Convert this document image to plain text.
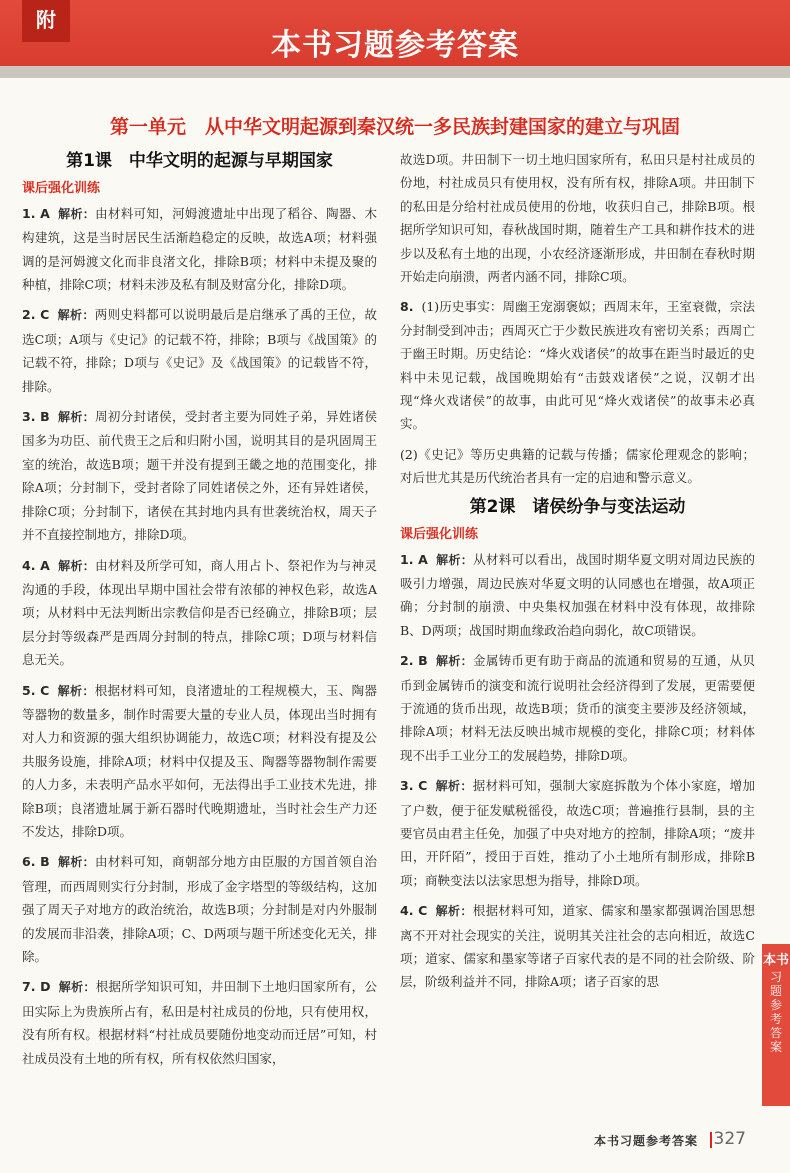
附
本书习题参考答案
第一单元　从中华文明起源到秦汉统一多民族封建国家的建立与巩固
第1课　中华文明的起源与早期国家
课后强化训练

1. A 解析：由材料可知，河姆渡遗址中出现了稻谷、陶器、木构建筑，这是当时居民生活渐趋稳定的反映，故选A项；材料强调的是河姆渡文化而非良渚文化，排除B项；材料中未提及聚的种植，排除C项；材料未涉及私有制及财富分化，排除D项。

2. C 解析：两则史料都可以说明最后是启继承了禹的王位，故选C项；A项与《史记》的记载不符，排除；B项与《战国策》的记载不符，排除；D项与《史记》及《战国策》的记载皆不符，排除。

3. B 解析：周初分封诸侯，受封者主要为同姓子弟，异姓诸侯国多为功臣、前代贵王之后和归附小国，说明其目的是巩固周王室的统治，故选B项；题干并没有提到王畿之地的范围变化，排除A项；分封制下，受封者除了同姓诸侯之外，还有异姓诸侯，排除C项；分封制下，诸侯在其封地内具有世袭统治权，周天子并不直接控制地方，排除D项。

4. A 解析：由材料及所学可知，商人用占卜、祭祀作为与神灵沟通的手段，体现出早期中国社会带有浓郁的神权色彩，故选A项；从材料中无法判断出宗教信仰是否已经确立，排除B项；层层分封等级森严是西周分封制的特点，排除C项；D项与材料信息无关。

5. C 解析：根据材料可知，良渚遗址的工程规模大，玉、陶器等器物的数量多，制作时需要大量的专业人员，体现出当时拥有对人力和资源的强大组织协调能力，故选C项；材料没有提及公共服务设施，排除A项；材料中仅提及玉、陶器等器物制作需要的人力多，未表明产品水平如何，无法得出手工业技术先进，排除B项；良渚遗址属于新石器时代晚期遗址，当时社会生产力还不发达，排除D项。

6. B 解析：由材料可知，商朝部分地方由臣服的方国首领自治管理，而西周则实行分封制，形成了金字塔型的等级结构，这加强了周天子对地方的政治统治，故选B项；分封制是对内外服制的发展而非沿袭，排除A项；C、D两项与题干所述变化无关，排除。

7. D 解析：根据所学知识可知，井田制下土地归国家所有，公田实际上为贵族所占有，私田是村社成员的份地，只有使用权，没有所有权。根据材料“村社成员要随份地变动而迁居”可知，村社成员没有土地的所有权，所有权依然归国家，

故选D项。井田制下一切土地归国家所有，私田只是村社成员的份地，村社成员只有使用权，没有所有权，排除A项。井田制下的私田是分给村社成员使用的份地，收获归自己，排除B项。根据所学知识可知，春秋战国时期，随着生产工具和耕作技术的进步以及私有土地的出现，小农经济逐渐形成，井田制在春秋时期开始走向崩溃，两者内涵不同，排除C项。

8. (1)历史事实：周幽王宠溺褒姒；西周末年，王室衰微，宗法分封制受到冲击；西周灭亡于少数民族进攻有密切关系；西周亡于幽王时期。历史结论：“烽火戏诸侯”的故事在距当时最近的史料中未见记载，战国晚期始有“击鼓戏诸侯”之说，汉朝才出现“烽火戏诸侯”的故事，由此可见“烽火戏诸侯”的故事未必真实。

(2)《史记》等历史典籍的记载与传播；儒家伦理观念的影响；对后世尤其是历代统治者具有一定的启迪和警示意义。

第2课　诸侯纷争与变法运动
课后强化训练

1. A 解析：从材料可以看出，战国时期华夏文明对周边民族的吸引力增强，周边民族对华夏文明的认同感也在增强，故A项正确；分封制的崩溃、中央集权加强在材料中没有体现，故排除B、D两项；战国时期血缘政治趋向弱化，故C项错误。

2. B 解析：金属铸币更有助于商品的流通和贸易的互通，从贝币到金属铸币的演变和流行说明社会经济得到了发展，更需要便于流通的货币出现，故选B项；货币的演变主要涉及经济领域，排除A项；材料无法反映出城市规模的变化，排除C项；材料体现不出手工业分工的发展趋势，排除D项。

3. C 解析：据材料可知，强制大家庭拆散为个体小家庭，增加了户数，便于征发赋税徭役，故选C项；普遍推行县制，县的主要官员由君主任免，加强了中央对地方的控制，排除A项；“废井田，开阡陌”，授田于百姓，推动了小土地所有制形成，排除B项；商鞅变法以法家思想为指导，排除D项。

4. C 解析：根据材料可知，道家、儒家和墨家都强调治国思想离不开对社会现实的关注，说明其关注社会的志向相近，故选C项；道家、儒家和墨家等诸子百家代表的是不同的社会阶级、阶层，阶级利益并不同，排除A项；诸子百家的思

本书
习
题
参
考
答
案
本书习题参考答案 327
